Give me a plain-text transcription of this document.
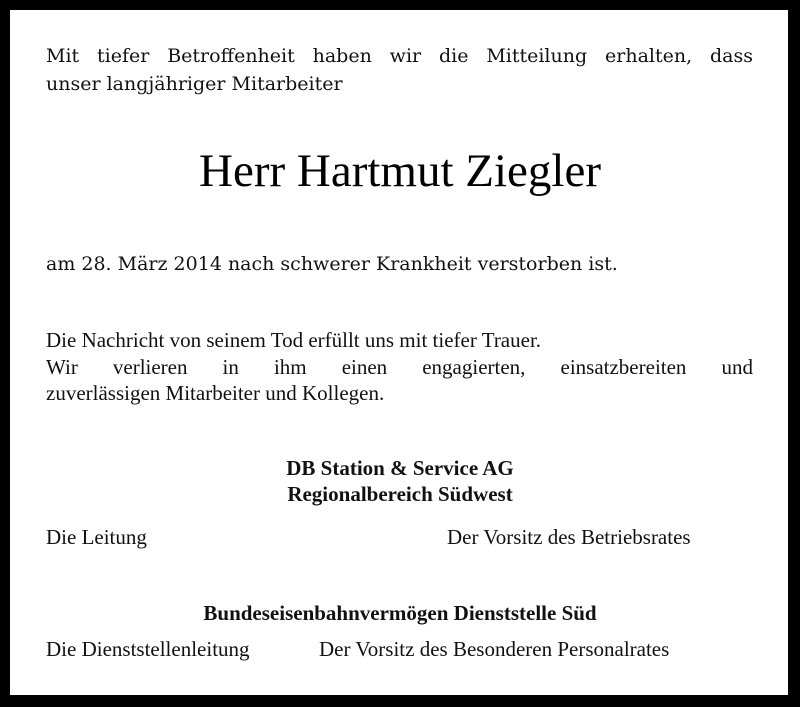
Mit tiefer Betroffenheit haben wir die Mitteilung erhalten, dass
unser langjähriger Mitarbeiter
Herr Hartmut Ziegler
am 28. März 2014 nach schwerer Krankheit verstorben ist.
Die Nachricht von seinem Tod erfüllt uns mit tiefer Trauer.
Wir verlieren in ihm einen engagierten, einsatzbereiten und
zuverlässigen Mitarbeiter und Kollegen.
DB Station & Service AG
Regionalbereich Südwest
Die Leitung	Der Vorsitz des Betriebsrates
Bundeseisenbahnvermögen Dienststelle Süd
Die Dienststellenleitung	Der Vorsitz des Besonderen Personalrates
